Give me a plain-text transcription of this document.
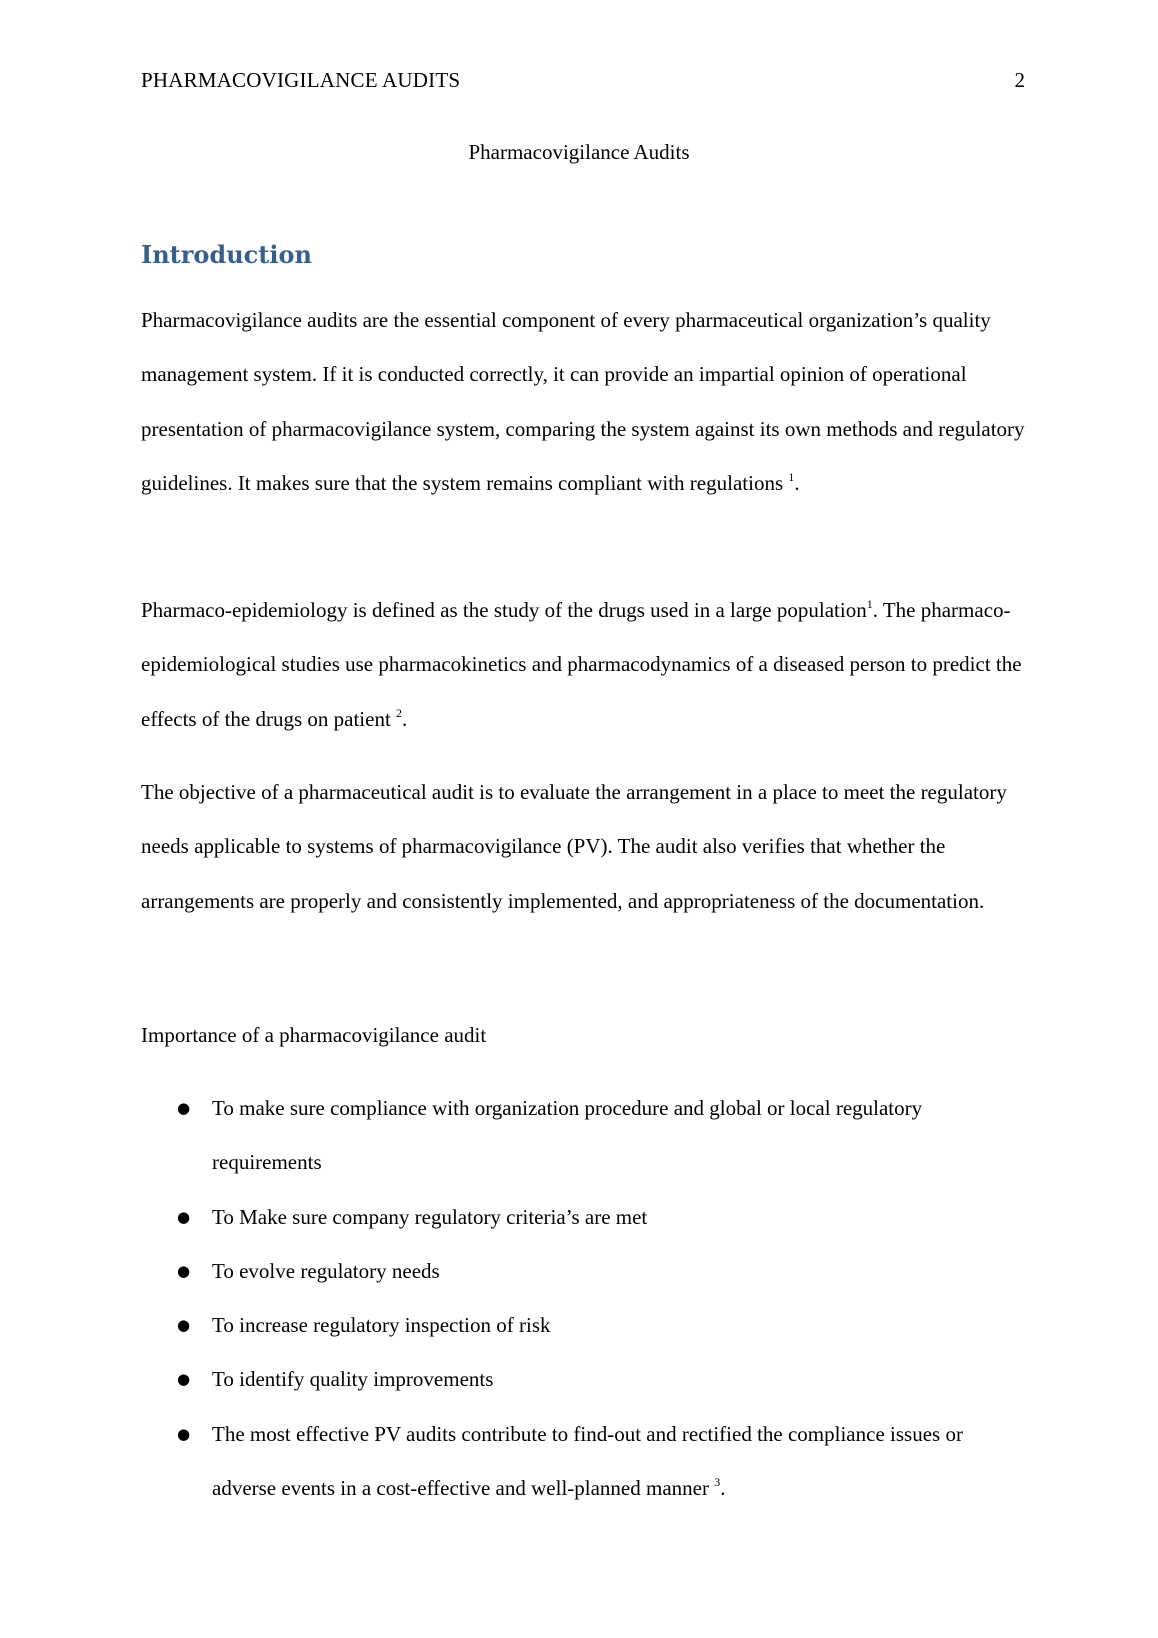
PHARMACOVIGILANCE AUDITS	2
Pharmacovigilance Audits
Introduction

Pharmacovigilance audits are the essential component of every pharmaceutical organization’s quality management system. If it is conducted correctly, it can provide an impartial opinion of operational presentation of pharmacovigilance system, comparing the system against its own methods and regulatory guidelines. It makes sure that the system remains compliant with regulations $^1$.

Pharmaco-epidemiology is defined as the study of the drugs used in a large population$^1$. The pharmaco-epidemiological studies use pharmacokinetics and pharmacodynamics of a diseased person to predict the effects of the drugs on patient $^2$.

The objective of a pharmaceutical audit is to evaluate the arrangement in a place to meet the regulatory needs applicable to systems of pharmacovigilance (PV). The audit also verifies that whether the arrangements are properly and consistently implemented, and appropriateness of the documentation.

Importance of a pharmacovigilance audit

● To make sure compliance with organization procedure and global or local regulatory requirements
● To Make sure company regulatory criteria’s are met
● To evolve regulatory needs
● To increase regulatory inspection of risk
● To identify quality improvements
● The most effective PV audits contribute to find-out and rectified the compliance issues or adverse events in a cost-effective and well-planned manner $^3$.
